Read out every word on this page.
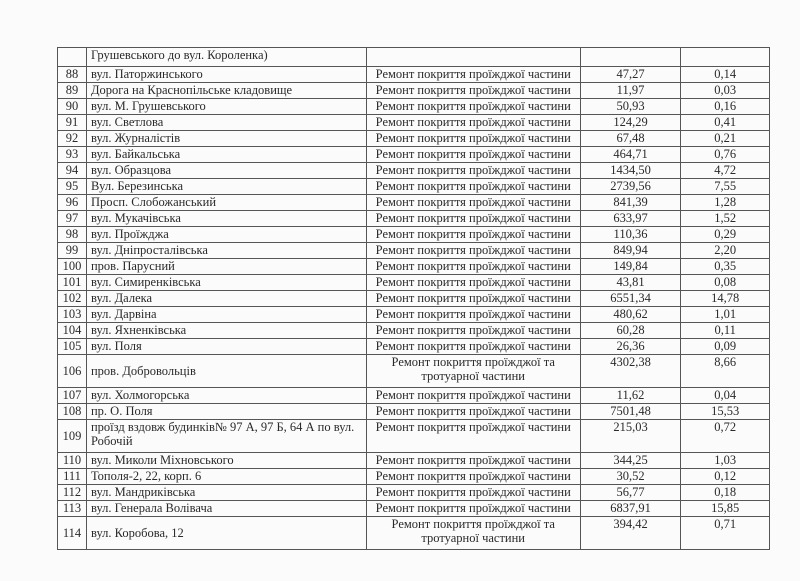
	Грушевського до вул. Короленка)			
88	вул. Паторжинського	Ремонт покриття проїжджої частини	47,27	0,14
89	Дорога на Краснопільське кладовище	Ремонт покриття проїжджої частини	11,97	0,03
90	вул. М. Грушевського	Ремонт покриття проїжджої частини	50,93	0,16
91	вул. Светлова	Ремонт покриття проїжджої частини	124,29	0,41
92	вул. Журналістів	Ремонт покриття проїжджої частини	67,48	0,21
93	вул. Байкальська	Ремонт покриття проїжджої частини	464,71	0,76
94	вул. Образцова	Ремонт покриття проїжджої частини	1434,50	4,72
95	Вул. Березинська	Ремонт покриття проїжджої частини	2739,56	7,55
96	Просп. Слобожанський	Ремонт покриття проїжджої частини	841,39	1,28
97	вул. Мукачівська	Ремонт покриття проїжджої частини	633,97	1,52
98	вул. Проїжджа	Ремонт покриття проїжджої частини	110,36	0,29
99	вул. Дніпросталівська	Ремонт покриття проїжджої частини	849,94	2,20
100	пров. Парусний	Ремонт покриття проїжджої частини	149,84	0,35
101	вул. Симиренківська	Ремонт покриття проїжджої частини	43,81	0,08
102	вул. Далека	Ремонт покриття проїжджої частини	6551,34	14,78
103	вул. Дарвіна	Ремонт покриття проїжджої частини	480,62	1,01
104	вул. Яхненківська	Ремонт покриття проїжджої частини	60,28	0,11
105	вул. Поля	Ремонт покриття проїжджої частини	26,36	0,09
106	пров. Добровольців	Ремонт покриття проїжджої та тротуарної частини	4302,38	8,66
107	вул. Холмогорська	Ремонт покриття проїжджої частини	11,62	0,04
108	пр. О. Поля	Ремонт покриття проїжджої частини	7501,48	15,53
109	проїзд вздовж будинків№ 97 А, 97 Б, 64 А по вул. Робочій	Ремонт покриття проїжджої частини	215,03	0,72
110	вул. Миколи Міхновського	Ремонт покриття проїжджої частини	344,25	1,03
111	Тополя-2, 22, корп. 6	Ремонт покриття проїжджої частини	30,52	0,12
112	вул. Мандриківська	Ремонт покриття проїжджої частини	56,77	0,18
113	вул. Генерала Волівача	Ремонт покриття проїжджої частини	6837,91	15,85
114	вул. Коробова, 12	Ремонт покриття проїжджої та тротуарної частини	394,42	0,71
